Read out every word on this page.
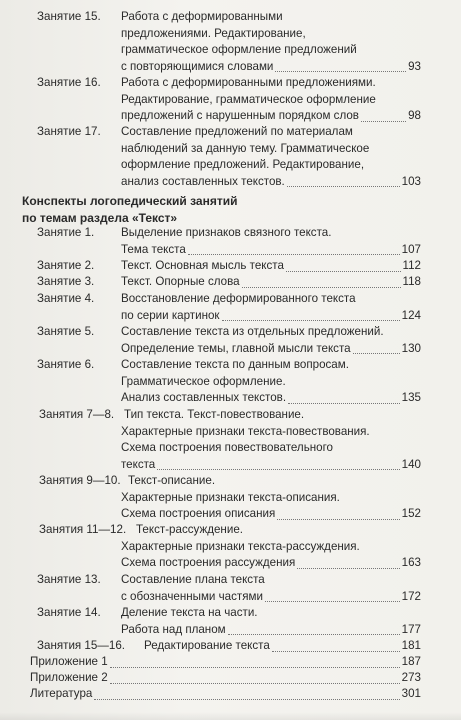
Занятие 15. Работа с деформированными
предложениями. Редактирование,
грамматическое оформление предложений
с повторяющимися словами	93
Занятие 16. Работа с деформированными предложениями.
Редактирование, грамматическое оформление
предложений с нарушенным порядком слов	98
Занятие 17. Составление предложений по материалам
наблюдений за данную тему. Грамматическое
оформление предложений. Редактирование,
анализ составленных текстов.	103
Конспекты логопедический занятий
по темам раздела «Текст»
Занятие 1. Выделение признаков связного текста.
Тема текста	107
Занятие 2. Текст. Основная мысль текста	112
Занятие 3. Текст. Опорные слова	118
Занятие 4. Восстановление деформированного текста
по серии картинок	124
Занятие 5. Составление текста из отдельных предложений.
Определение темы, главной мысли текста	130
Занятие 6. Составление текста по данным вопросам.
Грамматическое оформление.
Анализ составленных текстов.	135
Занятия 7—8. Тип текста. Текст-повествование.
Характерные признаки текста-повествования.
Схема построения повествовательного
текста	140
Занятия 9—10. Текст-описание.
Характерные признаки текста-описания.
Схема построения описания	152
Занятия 11—12. Текст-рассуждение.
Характерные признаки текста-рассуждения.
Схема построения рассуждения	163
Занятие 13. Составление плана текста
с обозначенными частями	172
Занятие 14. Деление текста на части.
Работа над планом	177
Занятия 15—16. Редактирование текста	181
Приложение 1	187
Приложение 2	273
Литература	301
